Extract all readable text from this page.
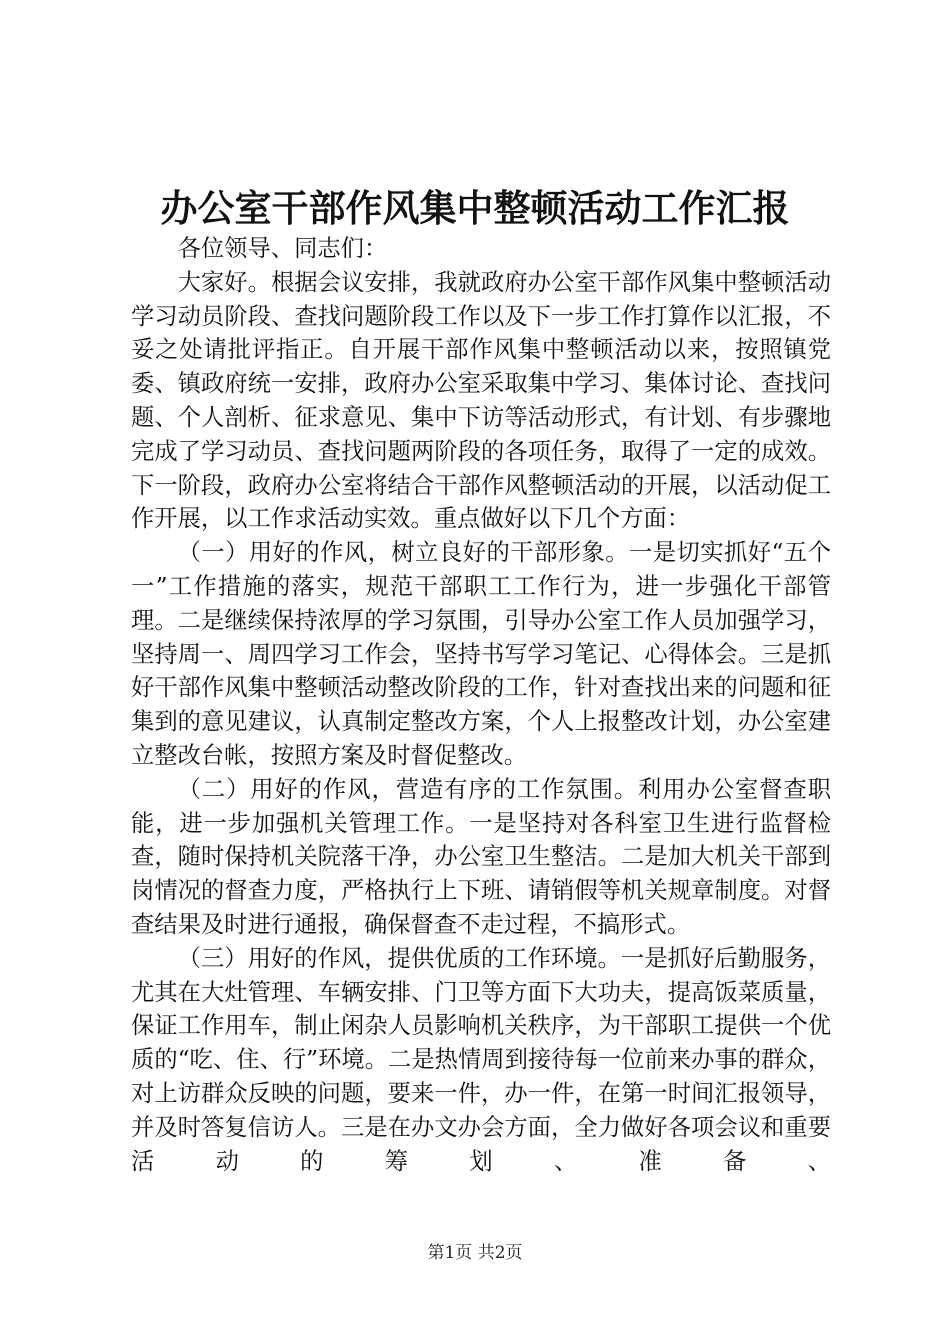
办公室干部作风集中整顿活动工作汇报

各位领导、同志们：

大家好。根据会议安排，我就政府办公室干部作风集中整顿活动学习动员阶段、查找问题阶段工作以及下一步工作打算作以汇报，不妥之处请批评指正。自开展干部作风集中整顿活动以来，按照镇党委、镇政府统一安排，政府办公室采取集中学习、集体讨论、查找问题、个人剖析、征求意见、集中下访等活动形式，有计划、有步骤地完成了学习动员、查找问题两阶段的各项任务，取得了一定的成效。下一阶段，政府办公室将结合干部作风整顿活动的开展，以活动促工作开展，以工作求活动实效。重点做好以下几个方面：

（一）用好的作风，树立良好的干部形象。一是切实抓好“五个一”工作措施的落实，规范干部职工工作行为，进一步强化干部管理。二是继续保持浓厚的学习氛围，引导办公室工作人员加强学习，坚持周一、周四学习工作会，坚持书写学习笔记、心得体会。三是抓好干部作风集中整顿活动整改阶段的工作，针对查找出来的问题和征集到的意见建议，认真制定整改方案，个人上报整改计划，办公室建立整改台帐，按照方案及时督促整改。

（二）用好的作风，营造有序的工作氛围。利用办公室督查职能，进一步加强机关管理工作。一是坚持对各科室卫生进行监督检查，随时保持机关院落干净，办公室卫生整洁。二是加大机关干部到岗情况的督查力度，严格执行上下班、请销假等机关规章制度。对督查结果及时进行通报，确保督查不走过程，不搞形式。

（三）用好的作风，提供优质的工作环境。一是抓好后勤服务，尤其在大灶管理、车辆安排、门卫等方面下大功夫，提高饭菜质量，保证工作用车，制止闲杂人员影响机关秩序，为干部职工提供一个优质的“吃、住、行”环境。二是热情周到接待每一位前来办事的群众，对上访群众反映的问题，要来一件，办一件，在第一时间汇报领导，并及时答复信访人。三是在办文办会方面，全力做好各项会议和重要活动的筹划、准备、

第1页 共2页
